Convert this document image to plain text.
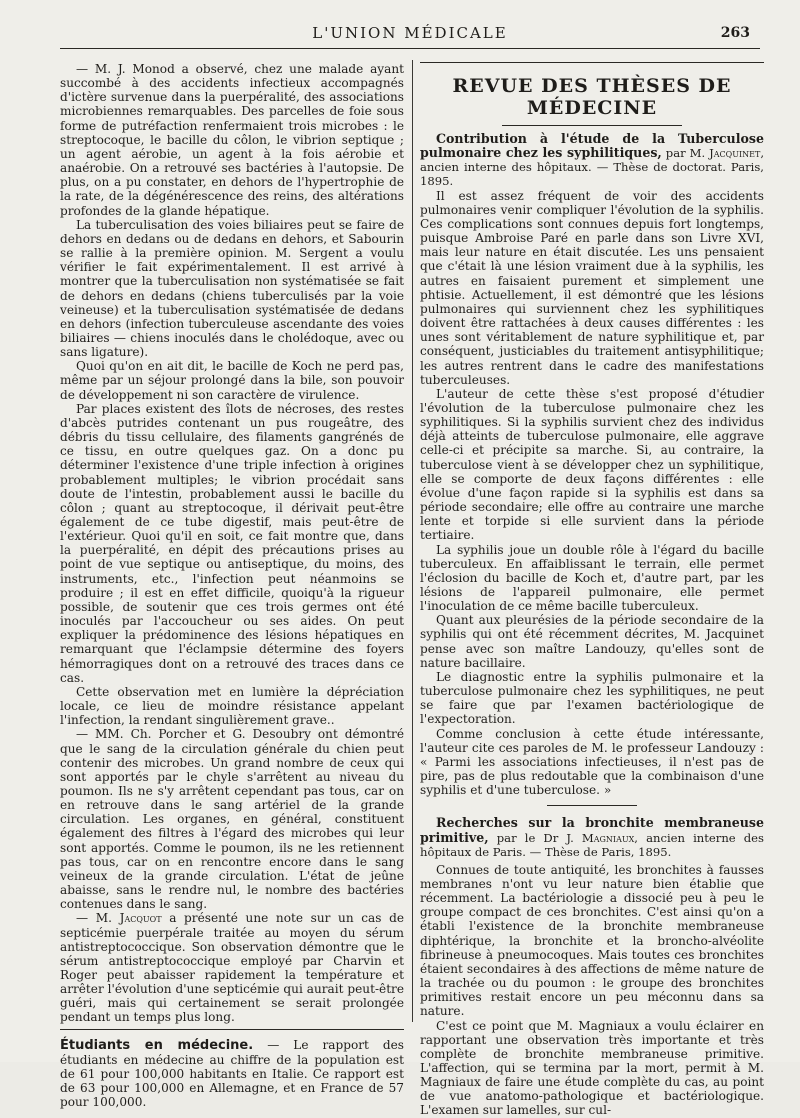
L'UNION MÉDICALE	263

— M. J. Monod a observé, chez une malade ayant succombé à des accidents infectieux accompagnés d'ictère survenue dans la puerpéralité, des associations microbiennes remarquables. Des parcelles de foie sous forme de putréfaction renfermaient trois microbes : le streptocoque, le bacille du côlon, le vibrion septique ; un agent aérobie, un agent à la fois aérobie et anaérobie. On a retrouvé ses bactéries à l'autopsie. De plus, on a pu constater, en dehors de l'hypertrophie de la rate, de la dégénérescence des reins, des altérations profondes de la glande hépatique.

La tuberculisation des voies biliaires peut se faire de dehors en dedans ou de dedans en dehors, et Sabourin se rallie à la première opinion. M. Sergent a voulu vérifier le fait expérimentalement. Il est arrivé à montrer que la tuberculisation non systématisée se fait de dehors en dedans (chiens tuberculisés par la voie veineuse) et la tuberculisation systématisée de dedans en dehors (infection tuberculeuse ascendante des voies biliaires — chiens inoculés dans le cholédoque, avec ou sans ligature).

Quoi qu'on en ait dit, le bacille de Koch ne perd pas, même par un séjour prolongé dans la bile, son pouvoir de développement ni son caractère de virulence.

Par places existent des îlots de nécroses, des restes d'abcès putrides contenant un pus rougeâtre, des débris du tissu cellulaire, des filaments gangrénés de ce tissu, en outre quelques gaz. On a donc pu déterminer l'existence d'une triple infection à origines probablement multiples; le vibrion procédait sans doute de l'intestin, probablement aussi le bacille du côlon ; quant au streptocoque, il dérivait peut-être également de ce tube digestif, mais peut-être de l'extérieur. Quoi qu'il en soit, ce fait montre que, dans la puerpéralité, en dépit des précautions prises au point de vue septique ou antiseptique, du moins, des instruments, etc., l'infection peut néanmoins se produire ; il est en effet difficile, quoiqu'à la rigueur possible, de soutenir que ces trois germes ont été inoculés par l'accoucheur ou ses aides. On peut expliquer la prédominence des lésions hépatiques en remarquant que l'éclampsie détermine des foyers hémorragiques dont on a retrouvé des traces dans ce cas.

Cette observation met en lumière la dépréciation locale, ce lieu de moindre résistance appelant l'infection, la rendant singulièrement grave..

— MM. Ch. Porcher et G. Desoubry ont démontré que le sang de la circulation générale du chien peut contenir des microbes. Un grand nombre de ceux qui sont apportés par le chyle s'arrêtent au niveau du poumon. Ils ne s'y arrêtent cependant pas tous, car on en retrouve dans le sang artériel de la grande circulation. Les organes, en général, constituent également des filtres à l'égard des microbes qui leur sont apportés. Comme le poumon, ils ne les retiennent pas tous, car on en rencontre encore dans le sang veineux de la grande circulation. L'état de jeûne abaisse, sans le rendre nul, le nombre des bactéries contenues dans le sang.

— M. Jacquot a présenté une note sur un cas de septicémie puerpérale traitée au moyen du sérum antistreptococcique. Son observation démontre que le sérum antistreptococcique employé par Charvin et Roger peut abaisser rapidement la température et arrêter l'évolution d'une septicémie qui aurait peut-être guéri, mais qui certainement se serait prolongée pendant un temps plus long.

Étudiants en médecine. — Le rapport des étudiants en médecine au chiffre de la population est de 61 pour 100,000 habitants en Italie. Ce rapport est de 63 pour 100,000 en Allemagne, et en France de 57 pour 100,000.

REVUE DES THÈSES DE MÉDECINE

Contribution à l'étude de la Tuberculose pulmonaire chez les syphilitiques, par M. Jacquinet, ancien interne des hôpitaux. — Thèse de doctorat. Paris, 1895.

Il est assez fréquent de voir des accidents pulmonaires venir compliquer l'évolution de la syphilis. Ces complications sont connues depuis fort longtemps, puisque Ambroise Paré en parle dans son Livre XVI, mais leur nature en était discutée. Les uns pensaient que c'était là une lésion vraiment due à la syphilis, les autres en faisaient purement et simplement une phtisie. Actuellement, il est démontré que les lésions pulmonaires qui surviennent chez les syphilitiques doivent être rattachées à deux causes différentes : les unes sont véritablement de nature syphilitique et, par conséquent, justiciables du traitement antisyphilitique; les autres rentrent dans le cadre des manifestations tuberculeuses.

L'auteur de cette thèse s'est proposé d'étudier l'évolution de la tuberculose pulmonaire chez les syphilitiques. Si la syphilis survient chez des individus déjà atteints de tuberculose pulmonaire, elle aggrave celle-ci et précipite sa marche. Si, au contraire, la tuberculose vient à se développer chez un syphilitique, elle se comporte de deux façons différentes : elle évolue d'une façon rapide si la syphilis est dans sa période secondaire; elle offre au contraire une marche lente et torpide si elle survient dans la période tertiaire.

La syphilis joue un double rôle à l'égard du bacille tuberculeux. En affaiblissant le terrain, elle permet l'éclosion du bacille de Koch et, d'autre part, par les lésions de l'appareil pulmonaire, elle permet l'inoculation de ce même bacille tuberculeux.

Quant aux pleurésies de la période secondaire de la syphilis qui ont été récemment décrites, M. Jacquinet pense avec son maître Landouzy, qu'elles sont de nature bacillaire.

Le diagnostic entre la syphilis pulmonaire et la tuberculose pulmonaire chez les syphilitiques, ne peut se faire que par l'examen bactériologique de l'expectoration.

Comme conclusion à cette étude intéressante, l'auteur cite ces paroles de M. le professeur Landouzy : « Parmi les associations infectieuses, il n'est pas de pire, pas de plus redoutable que la combinaison d'une syphilis et d'une tuberculose. »

Recherches sur la bronchite membraneuse primitive, par le Dr J. Magniaux, ancien interne des hôpitaux de Paris. — Thèse de Paris, 1895.

Connues de toute antiquité, les bronchites à fausses membranes n'ont vu leur nature bien établie que récemment. La bactériologie a dissocié peu à peu le groupe compact de ces bronchites. C'est ainsi qu'on a établi l'existence de la bronchite membraneuse diphtérique, la bronchite et la broncho-alvéolite fibrineuse à pneumocoques. Mais toutes ces bronchites étaient secondaires à des affections de même nature de la trachée ou du poumon : le groupe des bronchites primitives restait encore un peu méconnu dans sa nature.

C'est ce point que M. Magniaux a voulu éclairer en rapportant une observation très importante et très complète de bronchite membraneuse primitive. L'affection, qui se termina par la mort, permit à M. Magniaux de faire une étude complète du cas, au point de vue anatomo-pathologique et bactériologique. L'examen sur lamelles, sur cul-
